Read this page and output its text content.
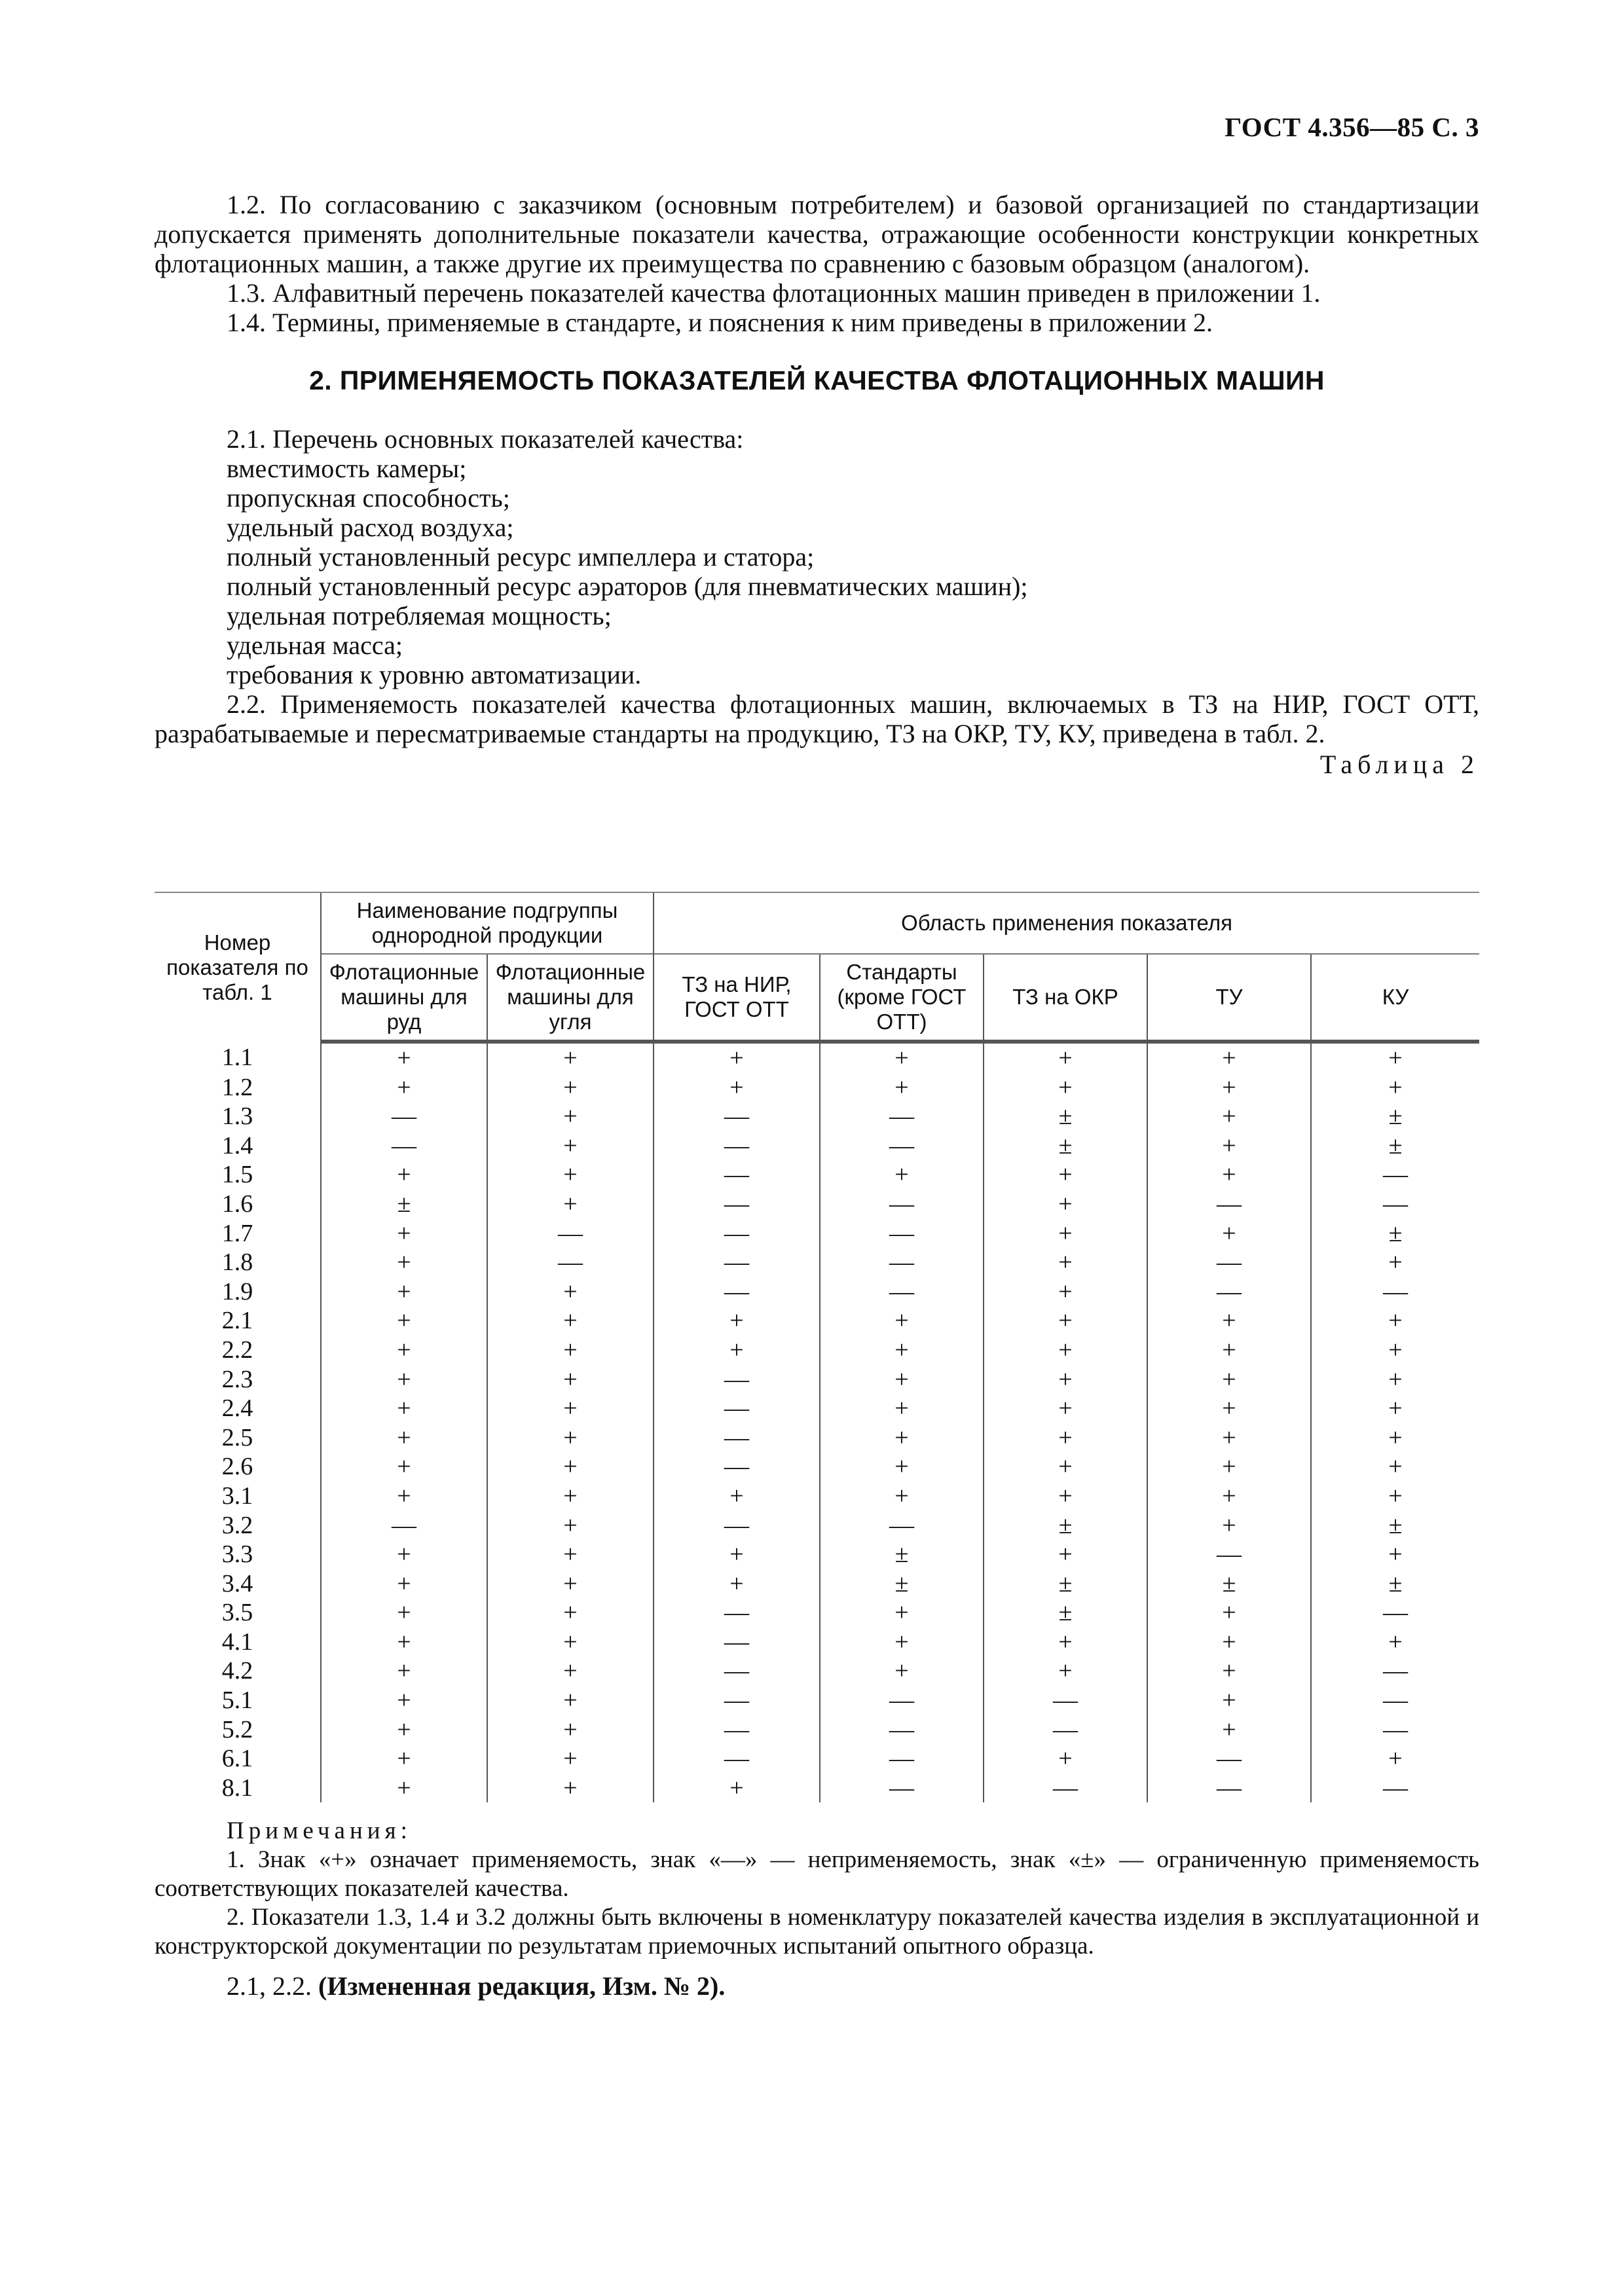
ГОСТ 4.356—85 С. 3

1.2. По согласованию с заказчиком (основным потребителем) и базовой организацией по стандартизации допускается применять дополнительные показатели качества, отражающие особенности конструкции конкретных флотационных машин, а также другие их преимущества по сравнению с базовым образцом (аналогом).

1.3. Алфавитный перечень показателей качества флотационных машин приведен в приложении 1.

1.4. Термины, применяемые в стандарте, и пояснения к ним приведены в приложении 2.

2. ПРИМЕНЯЕМОСТЬ ПОКАЗАТЕЛЕЙ КАЧЕСТВА ФЛОТАЦИОННЫХ МАШИН

2.1. Перечень основных показателей качества:

вместимость камеры;

пропускная способность;

удельный расход воздуха;

полный установленный ресурс импеллера и статора;

полный установленный ресурс аэраторов (для пневматических машин);

удельная потребляемая мощность;

удельная масса;

требования к уровню автоматизации.

2.2. Применяемость показателей качества флотационных машин, включаемых в ТЗ на НИР, ГОСТ ОТТ, разрабатываемые и пересматриваемые стандарты на продукцию, ТЗ на ОКР, ТУ, КУ, приведена в табл. 2.

Таблица 2

Номер показателя по табл. 1	Наименование подгруппы однородной продукции		Область применения показателя				
	Флотационные машины для руд	Флотационные машины для угля	ТЗ на НИР, ГОСТ ОТТ	Стандарты (кроме ГОСТ ОТТ)	ТЗ на ОКР	ТУ	КУ
1.1	+	+	+	+	+	+	+
1.2	+	+	+	+	+	+	+
1.3	—	+	—	—	±	+	±
1.4	—	+	—	—	±	+	±
1.5	+	+	—	+	+	+	—
1.6	±	+	—	—	+	—	—
1.7	+	—	—	—	+	+	±
1.8	+	—	—	—	+	—	+
1.9	+	+	—	—	+	—	—
2.1	+	+	+	+	+	+	+
2.2	+	+	+	+	+	+	+
2.3	+	+	—	+	+	+	+
2.4	+	+	—	+	+	+	+
2.5	+	+	—	+	+	+	+
2.6	+	+	—	+	+	+	+
3.1	+	+	+	+	+	+	+
3.2	—	+	—	—	±	+	±
3.3	+	+	+	±	+	—	+
3.4	+	+	+	±	±	±	±
3.5	+	+	—	+	±	+	—
4.1	+	+	—	+	+	+	+
4.2	+	+	—	+	+	+	—
5.1	+	+	—	—	—	+	—
5.2	+	+	—	—	—	+	—
6.1	+	+	—	—	+	—	+
8.1	+	+	+	—	—	—	—

Примечания:

1. Знак «+» означает применяемость, знак «—» — неприменяемость, знак «±» — ограниченную применяемость соответствующих показателей качества.

2. Показатели 1.3, 1.4 и 3.2 должны быть включены в номенклатуру показателей качества изделия в эксплуатационной и конструкторской документации по результатам приемочных испытаний опытного образца.

2.1, 2.2. (Измененная редакция, Изм. № 2).
